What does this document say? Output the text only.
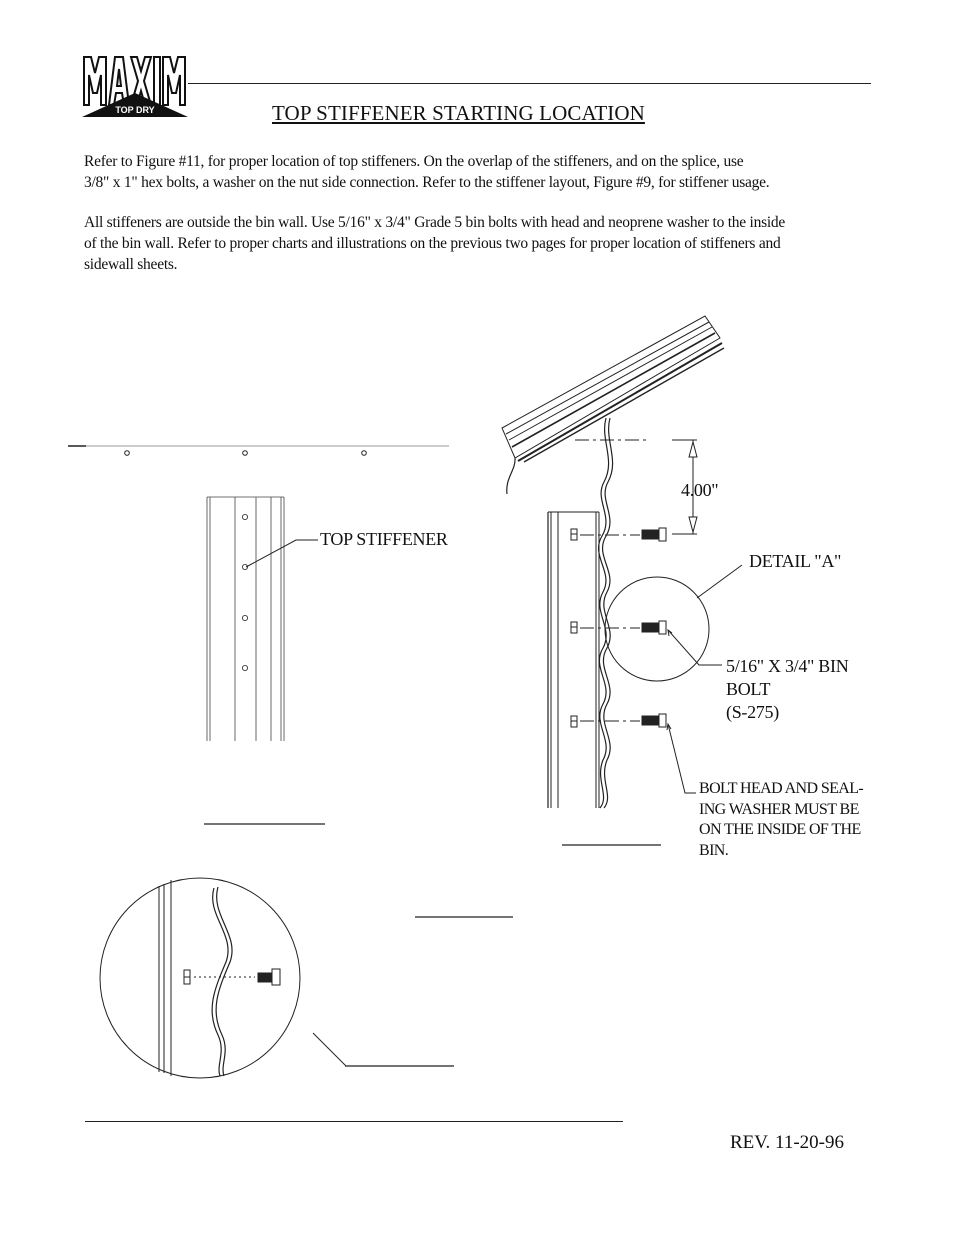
TOP DRY	TOP STIFFENER STARTING LOCATION
Refer to Figure #11, for proper location of top stiffeners. On the overlap of the stiffeners, and on the splice, use
3/8" x 1" hex bolts, a washer on the nut side connection. Refer to the stiffener layout, Figure #9, for stiffener usage.
All stiffeners are outside the bin wall. Use 5/16" x 3/4" Grade 5 bin bolts with head and neoprene washer to the inside
of the bin wall. Refer to proper charts and illustrations on the previous two pages for proper location of stiffeners and
sidewall sheets.
TOP STIFFENER
4.00"
DETAIL "A"
5/16" X 3/4" BIN
BOLT
(S-275)
BOLT HEAD AND SEAL-
ING WASHER MUST BE
ON THE INSIDE OF THE
BIN.
REV. 11-20-96
